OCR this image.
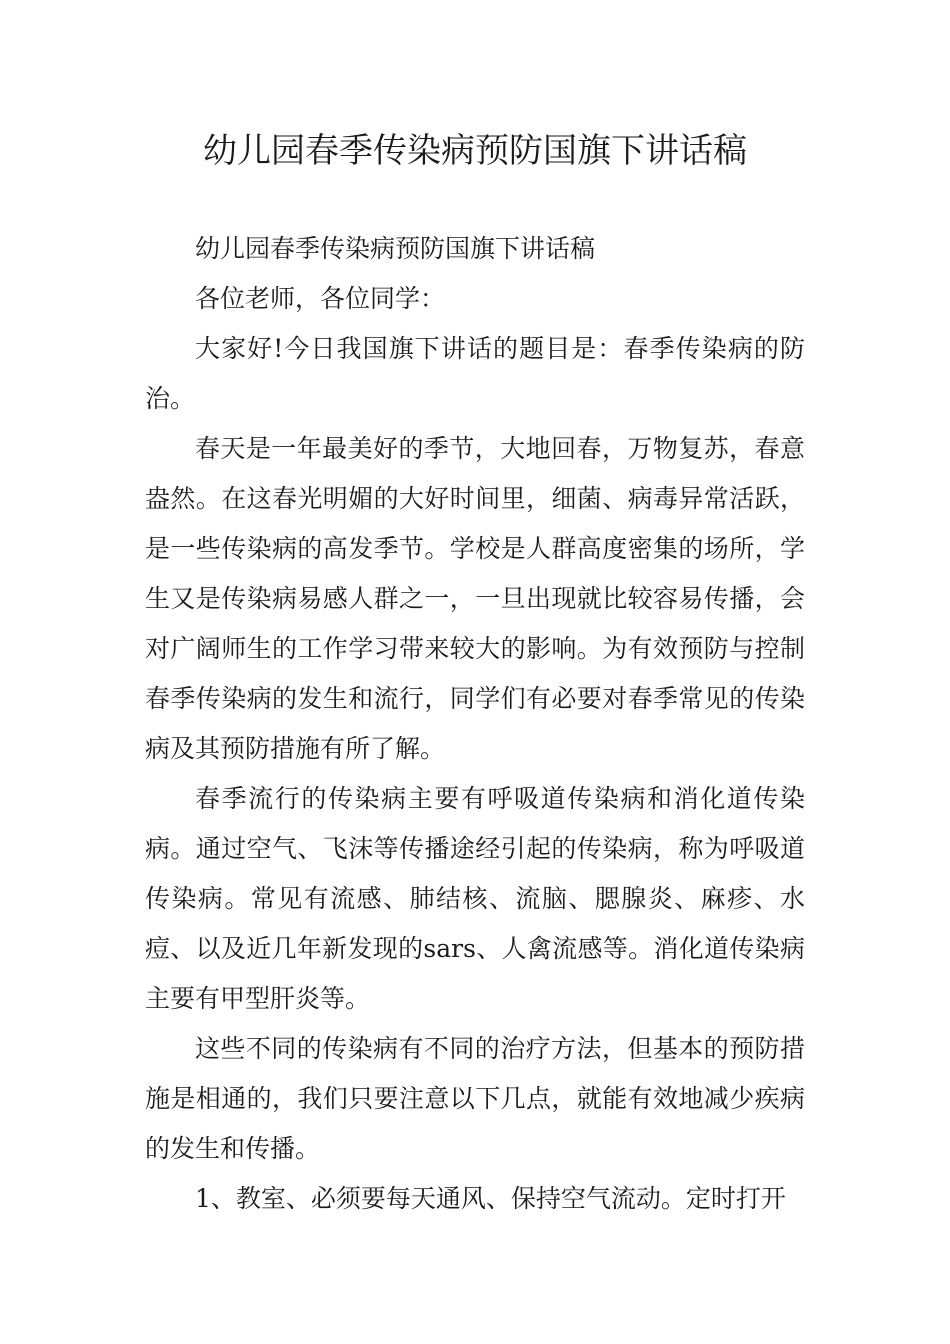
幼儿园春季传染病预防国旗下讲话稿

幼儿园春季传染病预防国旗下讲话稿

各位老师，各位同学：

大家好!今日我国旗下讲话的题目是：春季传染病的防治。

春天是一年最美好的季节，大地回春，万物复苏，春意盎然。在这春光明媚的大好时间里，细菌、病毒异常活跃，是一些传染病的高发季节。学校是人群高度密集的场所，学生又是传染病易感人群之一，一旦出现就比较容易传播，会对广阔师生的工作学习带来较大的影响。为有效预防与控制春季传染病的发生和流行，同学们有必要对春季常见的传染病及其预防措施有所了解。

春季流行的传染病主要有呼吸道传染病和消化道传染病。通过空气、飞沫等传播途经引起的传染病，称为呼吸道传染病。常见有流感、肺结核、流脑、腮腺炎、麻疹、水痘、以及近几年新发现的sars、人禽流感等。消化道传染病主要有甲型肝炎等。

这些不同的传染病有不同的治疗方法，但基本的预防措施是相通的，我们只要注意以下几点，就能有效地减少疾病的发生和传播。

1、教室、必须要每天通风、保持空气流动。定时打开
